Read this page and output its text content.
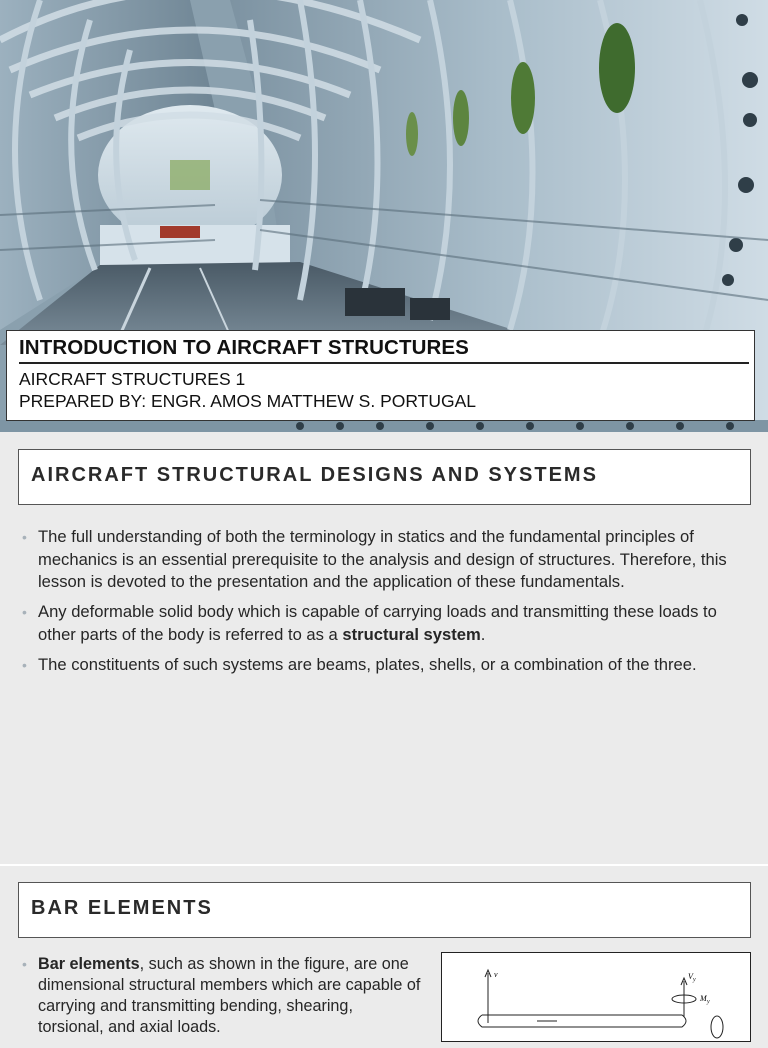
INTRODUCTION TO AIRCRAFT STRUCTURES
AIRCRAFT STRUCTURES 1
PREPARED BY: ENGR. AMOS MATTHEW S. PORTUGAL
AIRCRAFT STRUCTURAL DESIGNS AND SYSTEMS
• The full understanding of both the terminology in statics and the fundamental principles of mechanics is an essential prerequisite to the analysis and design of structures. Therefore, this lesson is devoted to the presentation and the application of these fundamentals.
• Any deformable solid body which is capable of carrying loads and transmitting these loads to other parts of the body is referred to as a structural system.
• The constituents of such systems are beams, plates, shells, or a combination of the three.
BAR ELEMENTS
• Bar elements, such as shown in the figure, are one dimensional structural members which are capable of carrying and transmitting bending, shearing, torsional, and axial loads.
v	V y
M y
